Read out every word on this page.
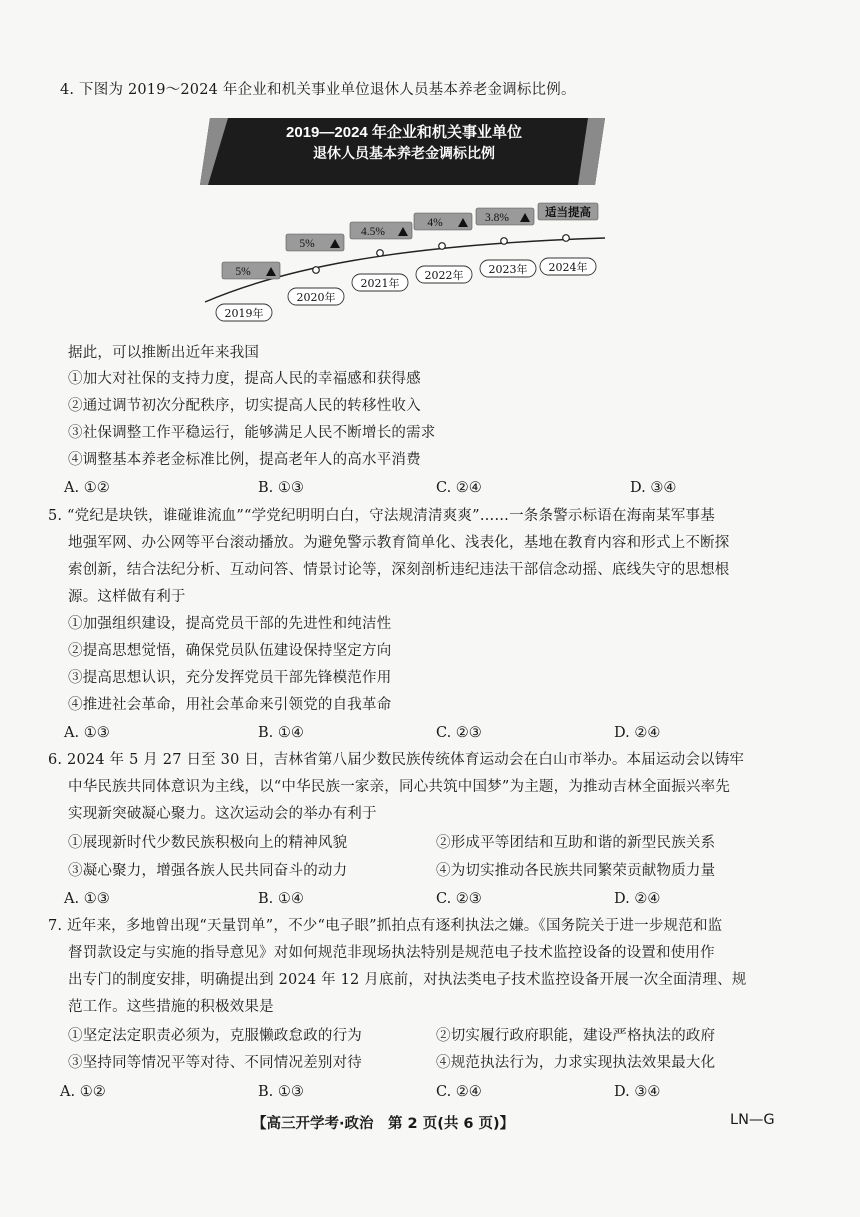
4. 下图为 2019～2024 年企业和机关事业单位退休人员基本养老金调标比例。
2019—2024 年企业和机关事业单位
退休人员基本养老金调标比例
5%
2019年
5%
2020年
4.5%
2021年
4%
2022年
3.8%
2023年
适当提高
2024年
据此，可以推断出近年来我国
①加大对社保的支持力度，提高人民的幸福感和获得感
②通过调节初次分配秩序，切实提高人民的转移性收入
③社保调整工作平稳运行，能够满足人民不断增长的需求
④调整基本养老金标准比例，提高老年人的高水平消费
A. ①②	B. ①③	C. ②④	D. ③④
5. “党纪是块铁，谁碰谁流血”“学党纪明明白白，守法规清清爽爽”……一条条警示标语在海南某军事基
地强军网、办公网等平台滚动播放。为避免警示教育简单化、浅表化，基地在教育内容和形式上不断探
索创新，结合法纪分析、互动问答、情景讨论等，深刻剖析违纪违法干部信念动摇、底线失守的思想根
源。这样做有利于
①加强组织建设，提高党员干部的先进性和纯洁性
②提高思想觉悟，确保党员队伍建设保持坚定方向
③提高思想认识，充分发挥党员干部先锋模范作用
④推进社会革命，用社会革命来引领党的自我革命
A. ①③	B. ①④	C. ②③	D. ②④
6. 2024 年 5 月 27 日至 30 日，吉林省第八届少数民族传统体育运动会在白山市举办。本届运动会以铸牢
中华民族共同体意识为主线，以“中华民族一家亲，同心共筑中国梦”为主题，为推动吉林全面振兴率先
实现新突破凝心聚力。这次运动会的举办有利于
①展现新时代少数民族积极向上的精神风貌	②形成平等团结和互助和谐的新型民族关系
③凝心聚力，增强各族人民共同奋斗的动力	④为切实推动各民族共同繁荣贡献物质力量
A. ①③	B. ①④	C. ②③	D. ②④
7. 近年来，多地曾出现“天量罚单”，不少“电子眼”抓拍点有逐利执法之嫌。《国务院关于进一步规范和监
督罚款设定与实施的指导意见》对如何规范非现场执法特别是规范电子技术监控设备的设置和使用作
出专门的制度安排，明确提出到 2024 年 12 月底前，对执法类电子技术监控设备开展一次全面清理、规
范工作。这些措施的积极效果是
①坚定法定职责必须为，克服懒政怠政的行为	②切实履行政府职能，建设严格执法的政府
③坚持同等情况平等对待、不同情况差别对待	④规范执法行为，力求实现执法效果最大化
A. ①②	B. ①③	C. ②④	D. ③④
【高三开学考·政治　第 2 页(共 6 页)】	LN—G
